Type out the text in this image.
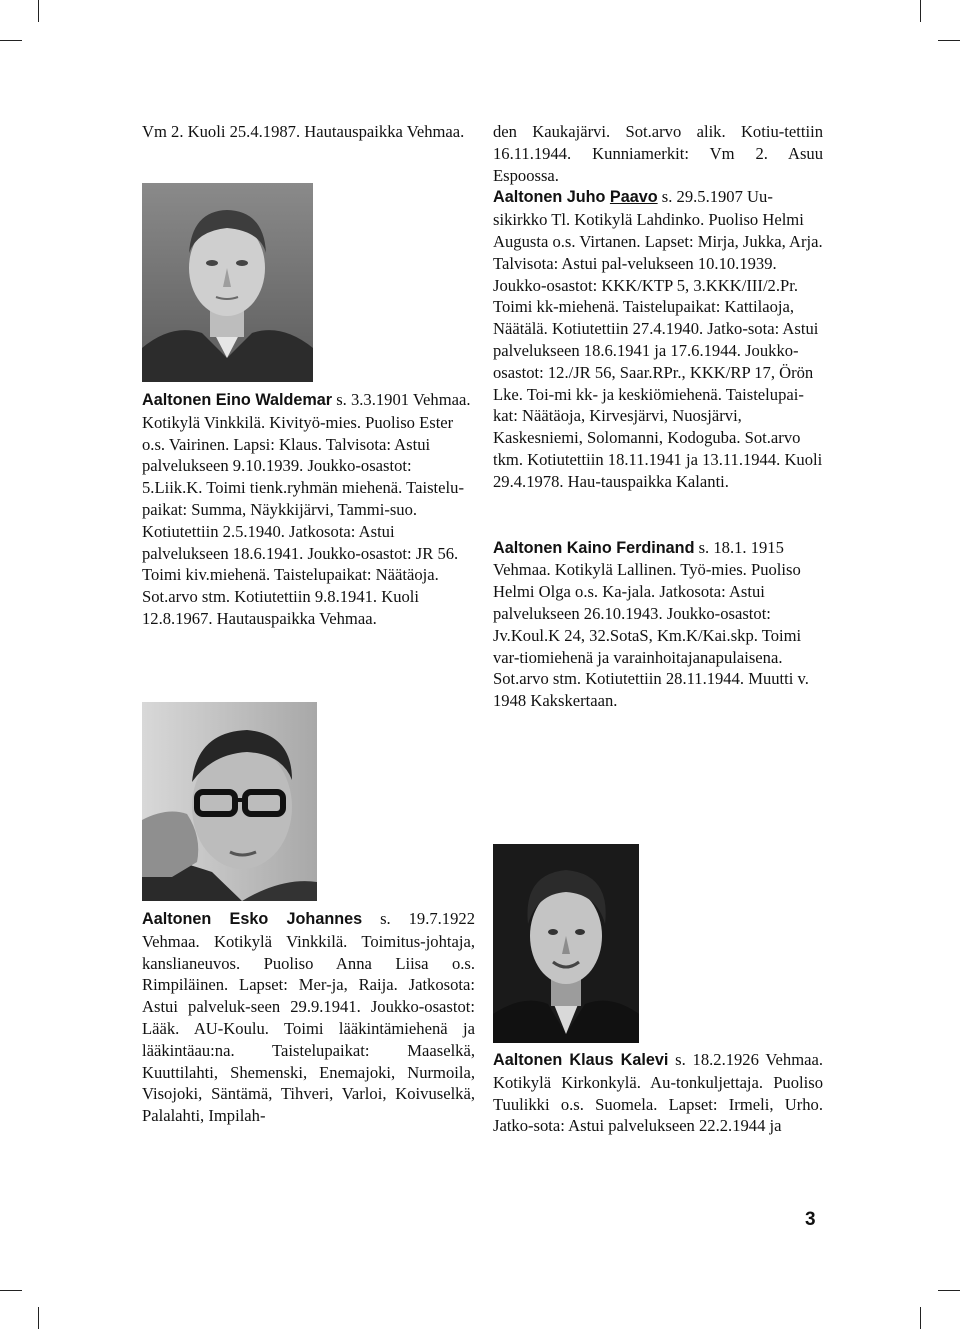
Vm 2. Kuoli 25.4.1987. Hautauspaikka Vehmaa.

Aaltonen Eino Waldemar s. 3.3.1901 Vehmaa. Kotikylä Vinkkilä. Kivityö-mies. Puoliso Ester o.s. Vairinen. Lapsi: Klaus. Talvisota: Astui palvelukseen 9.10.1939. Joukko-osastot: 5.Liik.K. Toimi tienk.ryhmän miehenä. Taistelu-paikat: Summa, Näykkijärvi, Tammi-suo. Kotiutettiin 2.5.1940. Jatkosota: Astui palvelukseen 18.6.1941. Joukko-osastot: JR 56. Toimi kiv.miehenä. Taistelupaikat: Näätäoja. Sot.arvo stm. Kotiutettiin 9.8.1941. Kuoli 12.8.1967. Hautauspaikka Vehmaa.

Aaltonen Esko Johannes s. 19.7.1922 Vehmaa. Kotikylä Vinkkilä. Toimitus-johtaja, kanslianeuvos. Puoliso Anna Liisa o.s. Rimpiläinen. Lapset: Mer-ja, Raija. Jatkosota: Astui palveluk-seen 29.9.1941. Joukko-osastot: Lääk. AU-Koulu. Toimi lääkintämiehenä ja lääkintäau:na. Taistelupaikat: Maaselkä, Kuuttilahti, Shemenski, Enemajoki, Nurmoila, Visojoki, Säntämä, Tihveri, Varloi, Koivuselkä, Palalahti, Impilah-

den Kaukajärvi. Sot.arvo alik. Kotiu-tettiin 16.11.1944. Kunniamerkit: Vm 2. Asuu Espoossa.

Aaltonen Juho Paavo s. 29.5.1907 Uu-sikirkko Tl. Kotikylä Lahdinko. Puoliso Helmi Augusta o.s. Virtanen. Lapset: Mirja, Jukka, Arja. Talvisota: Astui pal-velukseen 10.10.1939. Joukko-osastot: KKK/KTP 5, 3.KKK/III/2.Pr. Toimi kk-miehenä. Taistelupaikat: Kattilaoja, Näätälä. Kotiutettiin 27.4.1940. Jatko-sota: Astui palvelukseen 18.6.1941 ja 17.6.1944. Joukko-osastot: 12./JR 56, Saar.RPr., KKK/RP 17, Örön Lke. Toi-mi kk- ja keskiömiehenä. Taistelupai-kat: Näätäoja, Kirvesjärvi, Nuosjärvi, Kaskesniemi, Solomanni, Kodoguba. Sot.arvo tkm. Kotiutettiin 18.11.1941 ja 13.11.1944. Kuoli 29.4.1978. Hau-tauspaikka Kalanti.

Aaltonen Kaino Ferdinand s. 18.1. 1915 Vehmaa. Kotikylä Lallinen. Työ-mies. Puoliso Helmi Olga o.s. Ka-jala. Jatkosota: Astui palvelukseen 26.10.1943. Joukko-osastot: Jv.Koul.K 24, 32.SotaS, Km.K/Kai.skp. Toimi var-tiomiehenä ja varainhoitajanapulaisena. Sot.arvo stm. Kotiutettiin 28.11.1944. Muutti v. 1948 Kakskertaan.

Aaltonen Klaus Kalevi s. 18.2.1926 Vehmaa. Kotikylä Kirkonkylä. Au-tonkuljettaja. Puoliso Tuulikki o.s. Suomela. Lapset: Irmeli, Urho. Jatko-sota: Astui palvelukseen 22.2.1944 ja

3
